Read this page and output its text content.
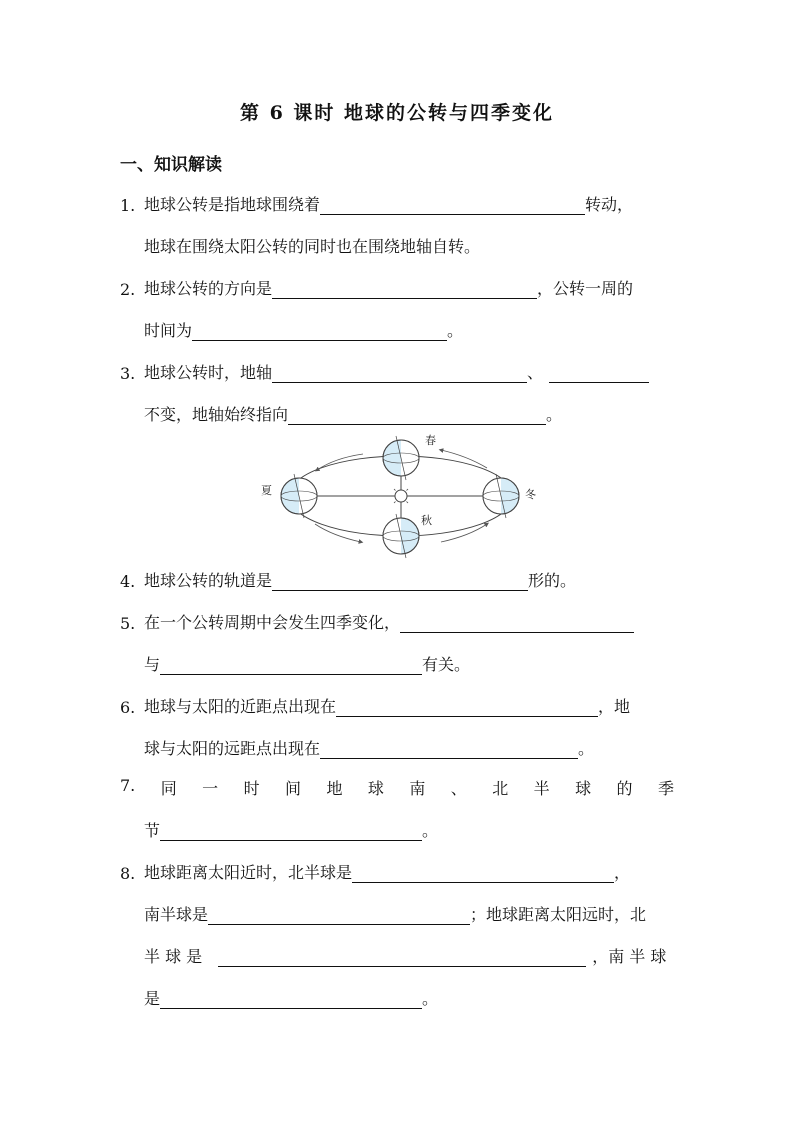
第 6 课时 地球的公转与四季变化
一、知识解读
1. 地球公转是指地球围绕着	转动，
地球在围绕太阳公转的同时也在围绕地轴自转。
2. 地球公转的方向是	，公转一周的
时间为	。
3. 地球公转时，地轴	、
不变，地轴始终指向	。
春
秋
夏	冬
4. 地球公转的轨道是	形的。
5. 在一个公转周期中会发生四季变化，
与	有关。
6. 地球与太阳的近距点出现在	，地
球与太阳的远距点出现在	。
7. 同 一 时 间 地 球 南 、 北 半 球 的 季
节	。
8. 地球距离太阳近时，北半球是	，
南半球是	；地球距离太阳远时，北
半 球 是	，南 半 球
是	。
